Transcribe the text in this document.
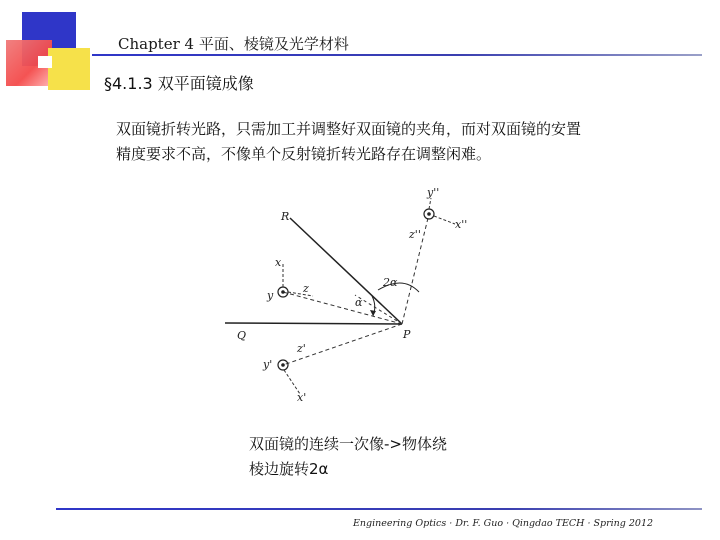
Chapter 4 平面、棱镜及光学材料
§4.1.3 双平面镜成像
双面镜折转光路，只需加工并调整好双面镜的夹角，而对双面镜的安置
精度要求不高，不像单个反射镜折转光路存在调整闲难。
R
Q	P
α
2α
x
y
z
x'
y'
z'
x''
y''
z''
双面镜的连续一次像->物体绕
棱边旋转2α
Engineering Optics · Dr. F. Guo · Qingdao TECH · Spring 2012
